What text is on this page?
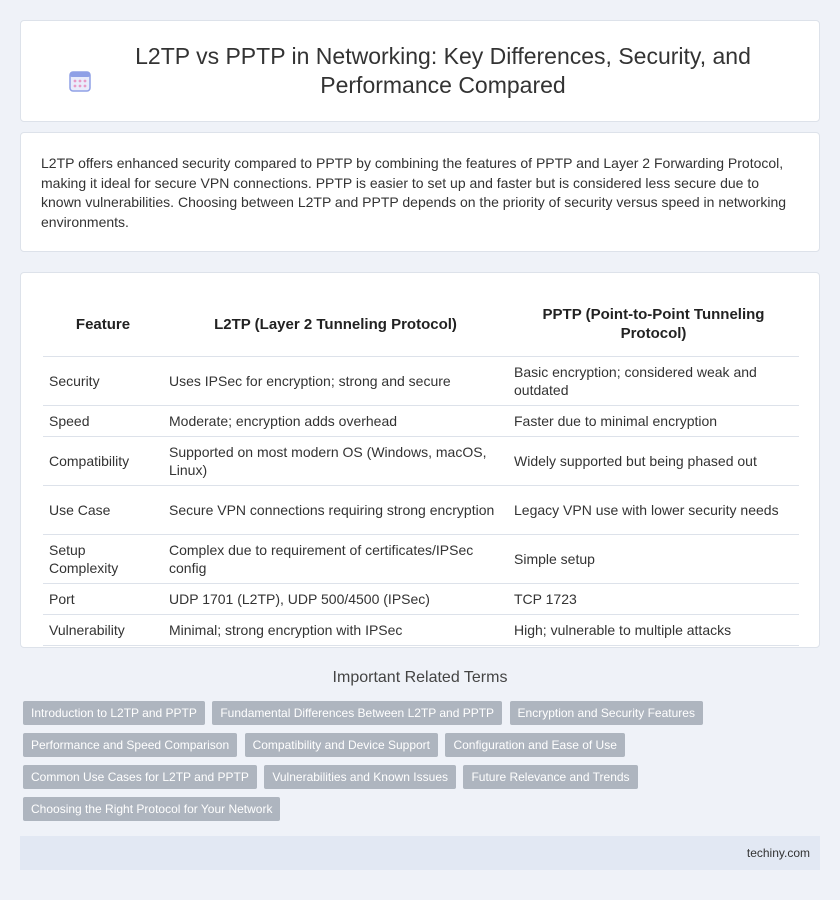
L2TP vs PPTP in Networking: Key Differences, Security, and Performance Compared

L2TP offers enhanced security compared to PPTP by combining the features of PPTP and Layer 2 Forwarding Protocol, making it ideal for secure VPN connections. PPTP is easier to set up and faster but is considered less secure due to known vulnerabilities. Choosing between L2TP and PPTP depends on the priority of security versus speed in networking environments.

Feature	L2TP (Layer 2 Tunneling Protocol)	PPTP (Point-to-Point Tunneling Protocol)
Security	Uses IPSec for encryption; strong and secure	Basic encryption; considered weak and outdated
Speed	Moderate; encryption adds overhead	Faster due to minimal encryption
Compatibility	Supported on most modern OS (Windows, macOS, Linux)	Widely supported but being phased out
Use Case	Secure VPN connections requiring strong encryption	Legacy VPN use with lower security needs
Setup Complexity	Complex due to requirement of certificates/IPSec config	Simple setup
Port	UDP 1701 (L2TP), UDP 500/4500 (IPSec)	TCP 1723
Vulnerability	Minimal; strong encryption with IPSec	High; vulnerable to multiple attacks
Important Related Terms
Introduction to L2TP and PPTP Fundamental Differences Between L2TP and PPTP Encryption and Security Features
Performance and Speed Comparison Compatibility and Device Support Configuration and Ease of Use
Common Use Cases for L2TP and PPTP Vulnerabilities and Known Issues Future Relevance and Trends
Choosing the Right Protocol for Your Network
techiny.com
